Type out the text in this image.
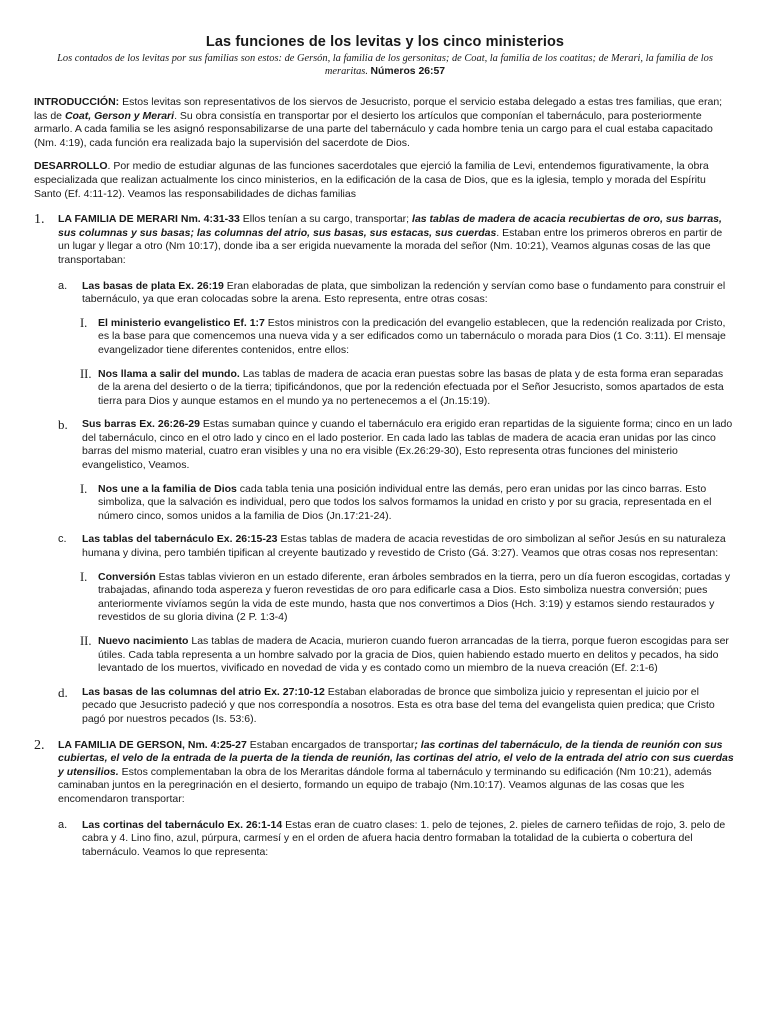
Las funciones de los levitas y los cinco ministerios
Los contados de los levitas por sus familias son estos: de Gersón, la familia de los gersonitas; de Coat, la familia de los coatitas; de Merari, la familia de los meraritas. Números 26:57

INTRODUCCIÓN: Estos levitas son representativos de los siervos de Jesucristo, porque el servicio estaba delegado a estas tres familias, que eran; las de Coat, Gerson y Merari. Su obra consistía en transportar por el desierto los artículos que componían el tabernáculo, para posteriormente armarlo. A cada familia se les asignó responsabilizarse de una parte del tabernáculo y cada hombre tenia un cargo para el cual estaba capacitado (Nm. 4:19), cada función era realizada bajo la supervisión del sacerdote de Dios.

DESARROLLO. Por medio de estudiar algunas de las funciones sacerdotales que ejerció la familia de Levi, entendemos figurativamente, la obra especializada que realizan actualmente los cinco ministerios, en la edificación de la casa de Dios, que es la iglesia, templo y morada del Espíritu Santo (Ef. 4:11-12). Veamos las responsabilidades de dichas familias

1. LA FAMILIA DE MERARI Nm. 4:31-33 Ellos tenían a su cargo, transportar; las tablas de madera de acacia recubiertas de oro, sus barras, sus columnas y sus basas; las columnas del atrio, sus basas, sus estacas, sus cuerdas. Estaban entre los primeros obreros en partir de un lugar y llegar a otro (Nm 10:17), donde iba a ser erigida nuevamente la morada del señor (Nm. 10:21), Veamos algunas cosas de las que transportaban:
a. Las basas de plata Ex. 26:19 Eran elaboradas de plata, que simbolizan la redención y servían como base o fundamento para construir el tabernáculo, ya que eran colocadas sobre la arena. Esto representa, entre otras cosas:
I. El ministerio evangelistico Ef. 1:7 Estos ministros con la predicación del evangelio establecen, que la redención realizada por Cristo, es la base para que comencemos una nueva vida y a ser edificados como un tabernáculo o morada para Dios (1 Co. 3:11). El mensaje evangelizador tiene diferentes contenidos, entre ellos:
II. Nos llama a salir del mundo. Las tablas de madera de acacia eran puestas sobre las basas de plata y de esta forma eran separadas de la arena del desierto o de la tierra; tipificándonos, que por la redención efectuada por el Señor Jesucristo, somos apartados de esta tierra para Dios y aunque estamos en el mundo ya no pertenecemos a el (Jn.15:19).
b. Sus barras Ex. 26:26-29 Estas sumaban quince y cuando el tabernáculo era erigido eran repartidas de la siguiente forma; cinco en un lado del tabernáculo, cinco en el otro lado y cinco en el lado posterior. En cada lado las tablas de madera de acacia eran unidas por las cinco barras del mismo material, cuatro eran visibles y una no era visible (Ex.26:29-30), Esto representa otras funciones del ministerio evangelistico, Veamos.
I. Nos une a la familia de Dios cada tabla tenia una posición individual entre las demás, pero eran unidas por las cinco barras. Esto simboliza, que la salvación es individual, pero que todos los salvos formamos la unidad en cristo y por su gracia, representada en el número cinco, somos unidos a la familia de Dios (Jn.17:21-24).
c. Las tablas del tabernáculo Ex. 26:15-23 Estas tablas de madera de acacia revestidas de oro simbolizan al señor Jesús en su naturaleza humana y divina, pero también tipifican al creyente bautizado y revestido de Cristo (Gá. 3:27). Veamos que otras cosas nos representan:
I. Conversión Estas tablas vivieron en un estado diferente, eran árboles sembrados en la tierra, pero un día fueron escogidas, cortadas y trabajadas, afinando toda aspereza y fueron revestidas de oro para edificarle casa a Dios. Esto simboliza nuestra conversión; pues anteriormente vivíamos según la vida de este mundo, hasta que nos convertimos a Dios (Hch. 3:19) y estamos siendo restaurados y revestidos de su gloria divina (2 P. 1:3-4)
II. Nuevo nacimiento Las tablas de madera de Acacia, murieron cuando fueron arrancadas de la tierra, porque fueron escogidas para ser útiles. Cada tabla representa a un hombre salvado por la gracia de Dios, quien habiendo estado muerto en delitos y pecados, ha sido levantado de los muertos, vivificado en novedad de vida y es contado como un miembro de la nueva creación (Ef. 2:1-6)
d. Las basas de las columnas del atrio Ex. 27:10-12 Estaban elaboradas de bronce que simboliza juicio y representan el juicio por el pecado que Jesucristo padeció y que nos correspondía a nosotros. Esta es otra base del tema del evangelista quien predica; que Cristo pagó por nuestros pecados (Is. 53:6).
2. LA FAMILIA DE GERSON, Nm. 4:25-27 Estaban encargados de transportar; las cortinas del tabernáculo, de la tienda de reunión con sus cubiertas, el velo de la entrada de la puerta de la tienda de reunión, las cortinas del atrio, el velo de la entrada del atrio con sus cuerdas y utensilios. Estos complementaban la obra de los Meraritas dándole forma al tabernáculo y terminando su edificación (Nm 10:21), además caminaban juntos en la peregrinación en el desierto, formando un equipo de trabajo (Nm.10:17). Veamos algunas de las cosas que les encomendaron transportar:
a. Las cortinas del tabernáculo Ex. 26:1-14 Estas eran de cuatro clases: 1. pelo de tejones, 2. pieles de carnero teñidas de rojo, 3. pelo de cabra y 4. Lino fino, azul, púrpura, carmesí y en el orden de afuera hacia dentro formaban la totalidad de la cubierta o cobertura del tabernáculo. Veamos lo que representa:
